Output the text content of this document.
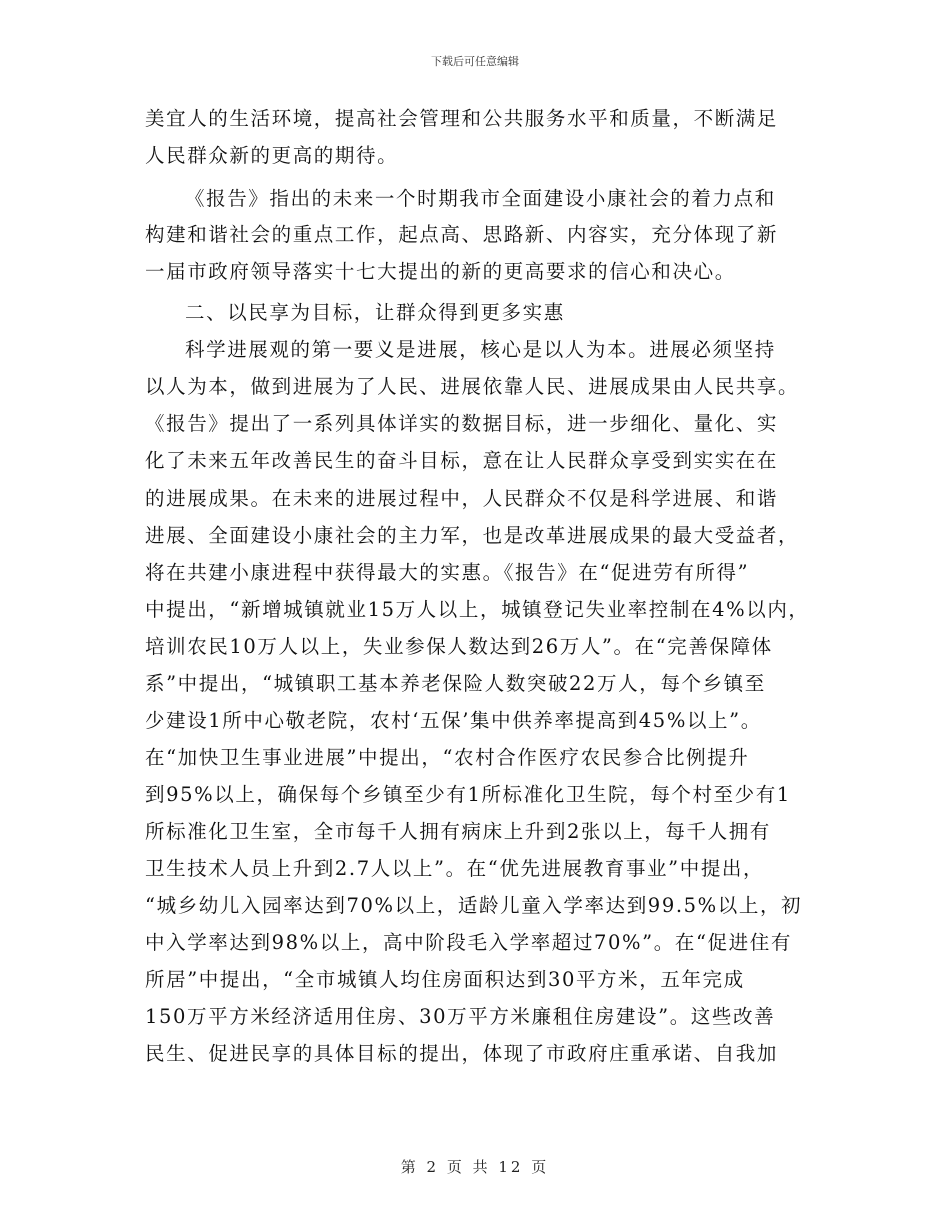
下载后可任意编辑
美宜人的生活环境，提高社会管理和公共服务水平和质量，不断满足
人民群众新的更高的期待。
《报告》指出的未来一个时期我市全面建设小康社会的着力点和
构建和谐社会的重点工作，起点高、思路新、内容实，充分体现了新
一届市政府领导落实十七大提出的新的更高要求的信心和决心。
二、以民享为目标，让群众得到更多实惠
科学进展观的第一要义是进展，核心是以人为本。进展必须坚持
以人为本，做到进展为了人民、进展依靠人民、进展成果由人民共享。
《报告》提出了一系列具体详实的数据目标，进一步细化、量化、实
化了未来五年改善民生的奋斗目标，意在让人民群众享受到实实在在
的进展成果。在未来的进展过程中，人民群众不仅是科学进展、和谐
进展、全面建设小康社会的主力军，也是改革进展成果的最大受益者，
将在共建小康进程中获得最大的实惠。《报告》在“促进劳有所得”
中提出，“新增城镇就业15万人以上，城镇登记失业率控制在4%以内，
培训农民10万人以上，失业参保人数达到26万人”。在“完善保障体
系”中提出，“城镇职工基本养老保险人数突破22万人，每个乡镇至
少建设1所中心敬老院，农村‘五保’集中供养率提高到45%以上”。
在“加快卫生事业进展”中提出，“农村合作医疗农民参合比例提升
到95%以上，确保每个乡镇至少有1所标准化卫生院，每个村至少有1
所标准化卫生室，全市每千人拥有病床上升到2张以上，每千人拥有
卫生技术人员上升到2.7人以上”。在“优先进展教育事业”中提出，
“城乡幼儿入园率达到70%以上，适龄儿童入学率达到99.5%以上，初
中入学率达到98%以上，高中阶段毛入学率超过70%”。在“促进住有
所居”中提出，“全市城镇人均住房面积达到30平方米，五年完成
150万平方米经济适用住房、30万平方米廉租住房建设”。这些改善
民生、促进民享的具体目标的提出，体现了市政府庄重承诺、自我加
第 2 页 共 12 页
